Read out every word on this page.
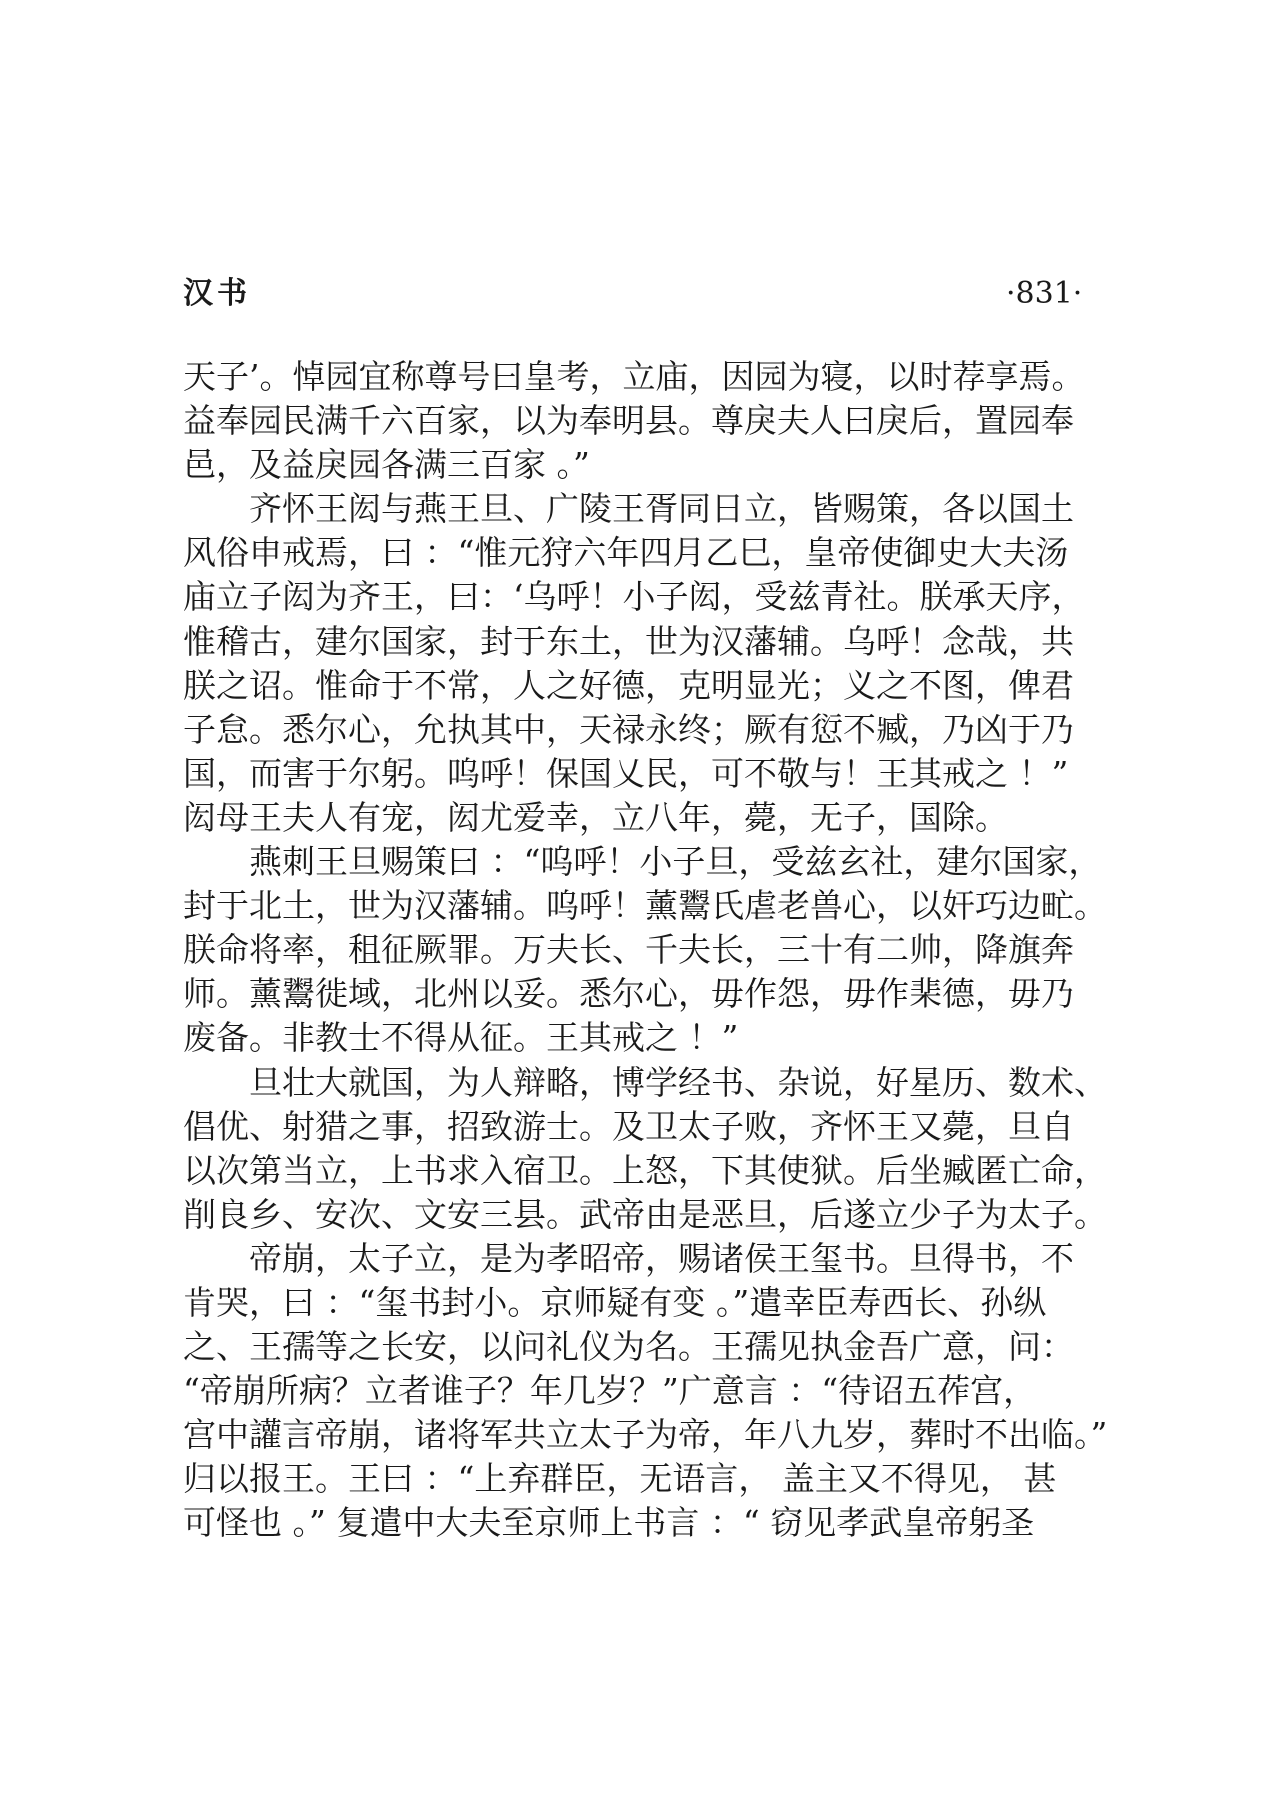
汉书	·831·
天子’。悼园宜称尊号曰皇考，立庙，因园为寝，以时荐享焉。
益奉园民满千六百家，以为奉明县。尊戾夫人曰戾后，置园奉
邑，及益戾园各满三百家 。”
　　齐怀王闳与燕王旦、广陵王胥同日立，皆赐策，各以国土
风俗申戒焉，曰 ：“惟元狩六年四月乙巳，皇帝使御史大夫汤
庙立子闳为齐王，曰：‘乌呼！小子闳，受兹青社。朕承天序，
惟稽古，建尔国家，封于东土，世为汉藩辅。乌呼！念哉，共
朕之诏。惟命于不常，人之好德，克明显光；义之不图，俾君
子怠。悉尔心，允执其中，天禄永终；厥有愆不臧，乃凶于乃
国，而害于尔躬。呜呼！保国乂民，可不敬与！王其戒之 ！”
闳母王夫人有宠，闳尤爱幸，立八年，薨，无子，国除。
　　燕刺王旦赐策曰 ：“呜呼！小子旦，受兹玄社，建尔国家，
封于北土，世为汉藩辅。呜呼！薰鬻氏虐老兽心，以奸巧边甿。
朕命将率，租征厥罪。万夫长、千夫长，三十有二帅，降旗奔
师。薰鬻徙域，北州以妥。悉尔心，毋作怨，毋作棐德，毋乃
废备。非教士不得从征。王其戒之 ！”
　　旦壮大就国，为人辩略，博学经书、杂说，好星历、数术、
倡优、射猎之事，招致游士。及卫太子败，齐怀王又薨，旦自
以次第当立，上书求入宿卫。上怒，下其使狱。后坐臧匿亡命，
削良乡、安次、文安三县。武帝由是恶旦，后遂立少子为太子。
　　帝崩，太子立，是为孝昭帝，赐诸侯王玺书。旦得书，不
肯哭，曰 ：“玺书封小。京师疑有变 。”遣幸臣寿西长、孙纵
之、王孺等之长安，以问礼仪为名。王孺见执金吾广意，问：
“帝崩所病？立者谁子？年几岁？”广意言 ：“待诏五莋宫，
宫中讙言帝崩，诸将军共立太子为帝，年八九岁，葬时不出临。”
归以报王。王曰 ：“上弃群臣，无语言， 盖主又不得见， 甚
可怪也 。” 复遣中大夫至京师上书言 ：“ 窃见孝武皇帝躬圣
